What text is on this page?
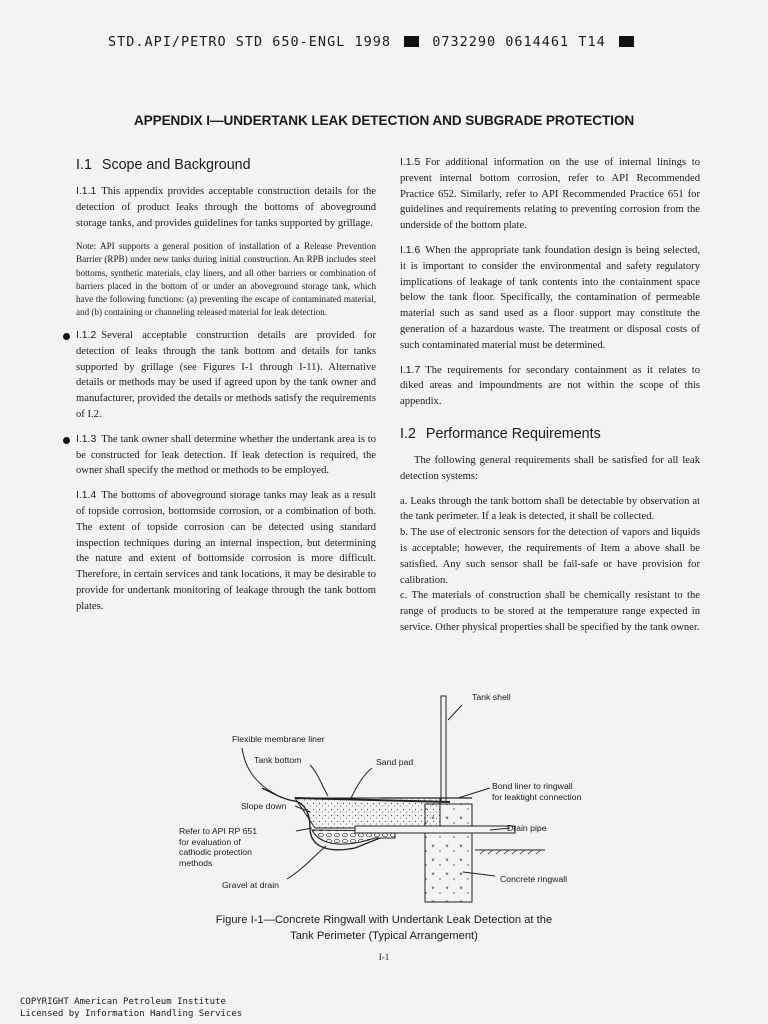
STD.API/PETRO STD 650-ENGL 1998	0732290 0614461 T14
APPENDIX I—UNDERTANK LEAK DETECTION AND SUBGRADE PROTECTION
I.1 Scope and Background

I.1.1 This appendix provides acceptable construction details for the detection of product leaks through the bottoms of aboveground storage tanks, and provides guidelines for tanks supported by grillage.

Note: API supports a general position of installation of a Release Prevention Barrier (RPB) under new tanks during initial construction. An RPB includes steel bottoms, synthetic materials, clay liners, and all other barriers or combination of barriers placed in the bottom of or under an aboveground storage tank, which have the following functions: (a) preventing the escape of contaminated material, and (b) containing or channeling released material for leak detection.

I.1.2 Several acceptable construction details are provided for detection of leaks through the tank bottom and details for tanks supported by grillage (see Figures I-1 through I-11). Alternative details or methods may be used if agreed upon by the tank owner and manufacturer, provided the details or methods satisfy the requirements of I.2.

I.1.3 The tank owner shall determine whether the undertank area is to be constructed for leak detection. If leak detection is required, the owner shall specify the method or methods to be employed.

I.1.4 The bottoms of aboveground storage tanks may leak as a result of topside corrosion, bottomside corrosion, or a combination of both. The extent of topside corrosion can be detected using standard inspection techniques during an internal inspection, but determining the nature and extent of bottomside corrosion is more difficult. Therefore, in certain services and tank locations, it may be desirable to provide for undertank monitoring of leakage through the tank bottom plates.

I.1.5 For additional information on the use of internal linings to prevent internal bottom corrosion, refer to API Recommended Practice 652. Similarly, refer to API Recommended Practice 651 for guidelines and requirements relating to preventing corrosion from the underside of the bottom plate.

I.1.6 When the appropriate tank foundation design is being selected, it is important to consider the environmental and safety regulatory implications of leakage of tank contents into the containment space below the tank floor. Specifically, the contamination of permeable material such as sand used as a floor support may constitute the generation of a hazardous waste. The treatment or disposal costs of such contaminated material must be determined.

I.1.7 The requirements for secondary containment as it relates to diked areas and impoundments are not within the scope of this appendix.

I.2 Performance Requirements

The following general requirements shall be satisfied for all leak detection systems:

a. Leaks through the tank bottom shall be detectable by observation at the tank perimeter. If a leak is detected, it shall be collected.

b. The use of electronic sensors for the detection of vapors and liquids is acceptable; however, the requirements of Item a above shall be satisfied. Any such sensor shall be fail-safe or have provision for calibration.

c. The materials of construction shall be chemically resistant to the range of products to be stored at the temperature range expected in service. Other physical properties shall be specified by the tank owner.

Tank shell
Flexible membrane liner
Tank bottom	Sand pad
Bond liner to ringwall
for leaktight connection
Slope down
Drain pipe
Refer to API RP 651
for evaluation of
cathodic protection
methods
Concrete ringwall
Gravel at drain
Figure I-1—Concrete Ringwall with Undertank Leak Detection at the
Tank Perimeter (Typical Arrangement)
I-1
COPYRIGHT American Petroleum Institute
Licensed by Information Handling Services
